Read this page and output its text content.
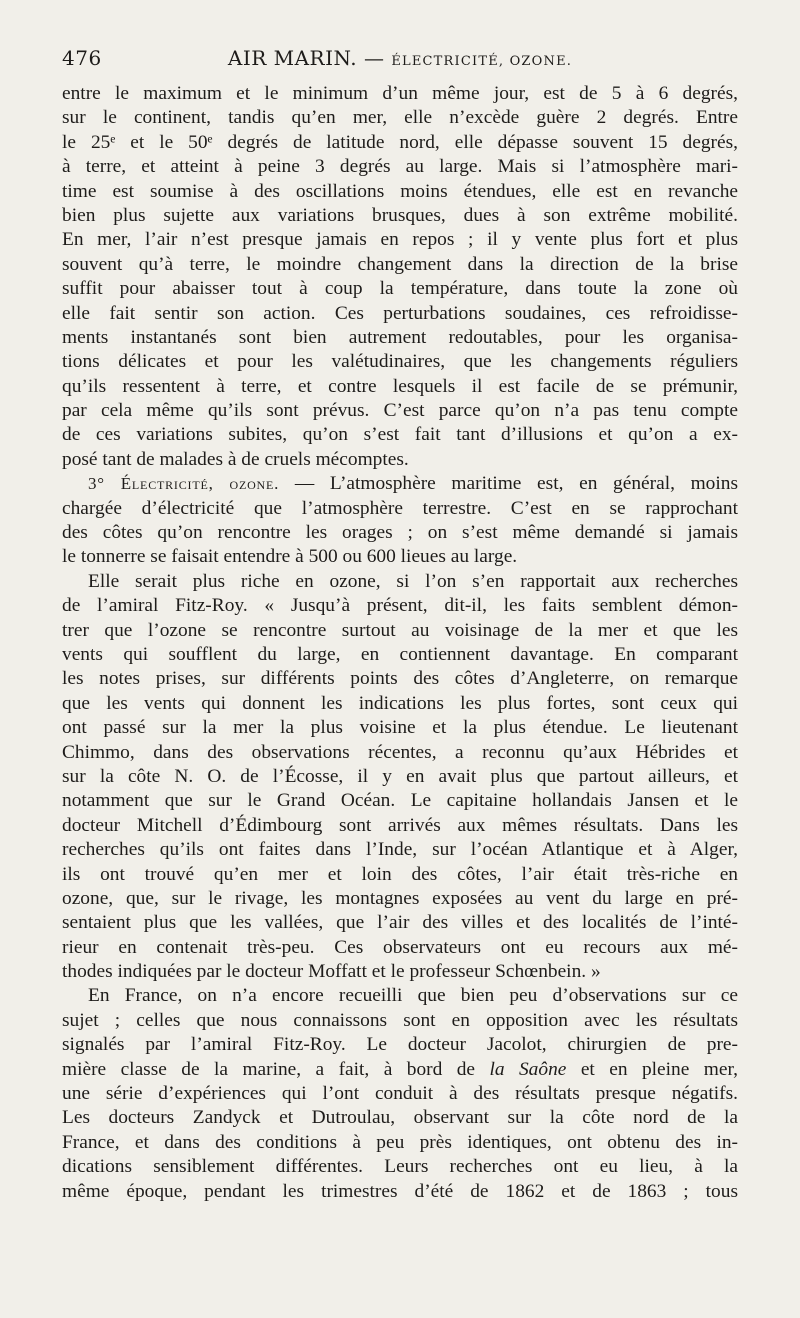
476	AIR MARIN. — ÉLECTRICITÉ, OZONE.
entre le maximum et le minimum d’un même jour, est de 5 à 6 degrés,
sur le continent, tandis qu’en mer, elle n’excède guère 2 degrés. Entre
le 25ᵉ et le 50ᵉ degrés de latitude nord, elle dépasse souvent 15 degrés,
à terre, et atteint à peine 3 degrés au large. Mais si l’atmosphère mari-
time est soumise à des oscillations moins étendues, elle est en revanche
bien plus sujette aux variations brusques, dues à son extrême mobilité.
En mer, l’air n’est presque jamais en repos ; il y vente plus fort et plus
souvent qu’à terre, le moindre changement dans la direction de la brise
suffit pour abaisser tout à coup la température, dans toute la zone où
elle fait sentir son action. Ces perturbations soudaines, ces refroidisse-
ments instantanés sont bien autrement redoutables, pour les organisa-
tions délicates et pour les valétudinaires, que les changements réguliers
qu’ils ressentent à terre, et contre lesquels il est facile de se prémunir,
par cela même qu’ils sont prévus. C’est parce qu’on n’a pas tenu compte
de ces variations subites, qu’on s’est fait tant d’illusions et qu’on a ex-
posé tant de malades à de cruels mécomptes.
3° Électricité, ozone. — L’atmosphère maritime est, en général, moins
chargée d’électricité que l’atmosphère terrestre. C’est en se rapprochant
des côtes qu’on rencontre les orages ; on s’est même demandé si jamais
le tonnerre se faisait entendre à 500 ou 600 lieues au large.
Elle serait plus riche en ozone, si l’on s’en rapportait aux recherches
de l’amiral Fitz-Roy. « Jusqu’à présent, dit-il, les faits semblent démon-
trer que l’ozone se rencontre surtout au voisinage de la mer et que les
vents qui soufflent du large, en contiennent davantage. En comparant
les notes prises, sur différents points des côtes d’Angleterre, on remarque
que les vents qui donnent les indications les plus fortes, sont ceux qui
ont passé sur la mer la plus voisine et la plus étendue. Le lieutenant
Chimmo, dans des observations récentes, a reconnu qu’aux Hébrides et
sur la côte N. O. de l’Écosse, il y en avait plus que partout ailleurs, et
notamment que sur le Grand Océan. Le capitaine hollandais Jansen et le
docteur Mitchell d’Édimbourg sont arrivés aux mêmes résultats. Dans les
recherches qu’ils ont faites dans l’Inde, sur l’océan Atlantique et à Alger,
ils ont trouvé qu’en mer et loin des côtes, l’air était très-riche en
ozone, que, sur le rivage, les montagnes exposées au vent du large en pré-
sentaient plus que les vallées, que l’air des villes et des localités de l’inté-
rieur en contenait très-peu. Ces observateurs ont eu recours aux mé-
thodes indiquées par le docteur Moffatt et le professeur Schœnbein. »
En France, on n’a encore recueilli que bien peu d’observations sur ce
sujet ; celles que nous connaissons sont en opposition avec les résultats
signalés par l’amiral Fitz-Roy. Le docteur Jacolot, chirurgien de pre-
mière classe de la marine, a fait, à bord de la Saône et en pleine mer,
une série d’expériences qui l’ont conduit à des résultats presque négatifs.
Les docteurs Zandyck et Dutroulau, observant sur la côte nord de la
France, et dans des conditions à peu près identiques, ont obtenu des in-
dications sensiblement différentes. Leurs recherches ont eu lieu, à la
même époque, pendant les trimestres d’été de 1862 et de 1863 ; tous
